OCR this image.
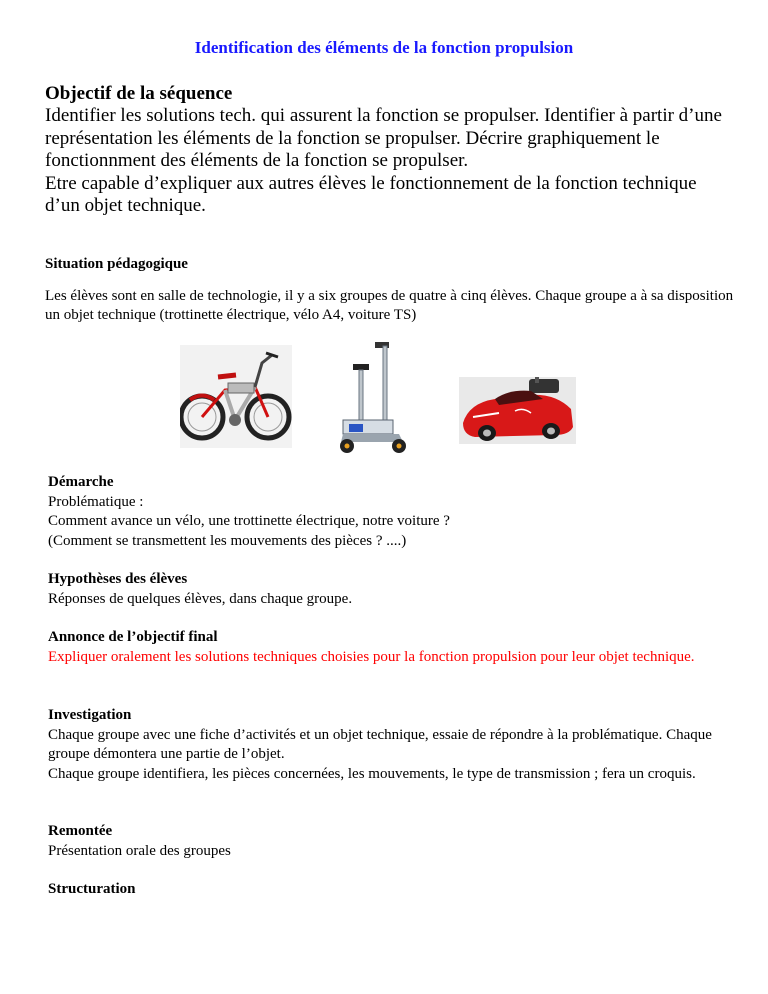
Identification des éléments de la fonction propulsion
Objectif de la séquence

Identifier les solutions tech. qui assurent la fonction se propulser. Identifier à partir d’une représentation les éléments de la fonction se propulser. Décrire graphiquement le fonctionnment des éléments de la fonction se propulser.

Etre capable d’expliquer aux autres élèves le fonctionnement de la fonction technique d’un objet technique.

Situation pédagogique
Les élèves sont en salle de technologie, il y a six groupes de quatre à cinq élèves. Chaque groupe a à sa disposition un objet technique (trottinette électrique, vélo A4, voiture TS)

Démarche

Problématique :

Comment avance un vélo, une trottinette électrique, notre voiture ?

(Comment se transmettent les mouvements des pièces ? ....)

Hypothèses des élèves

Réponses de quelques élèves, dans chaque groupe.

Annonce de l’objectif final

Expliquer oralement les solutions techniques choisies pour la fonction propulsion pour leur objet technique.

Investigation

Chaque groupe avec une fiche d’activités et un objet technique, essaie de répondre à la problématique. Chaque groupe démontera une partie de l’objet.

Chaque groupe identifiera, les pièces concernées, les mouvements, le type de transmission ; fera un croquis.

Remontée

Présentation orale des groupes

Structuration
